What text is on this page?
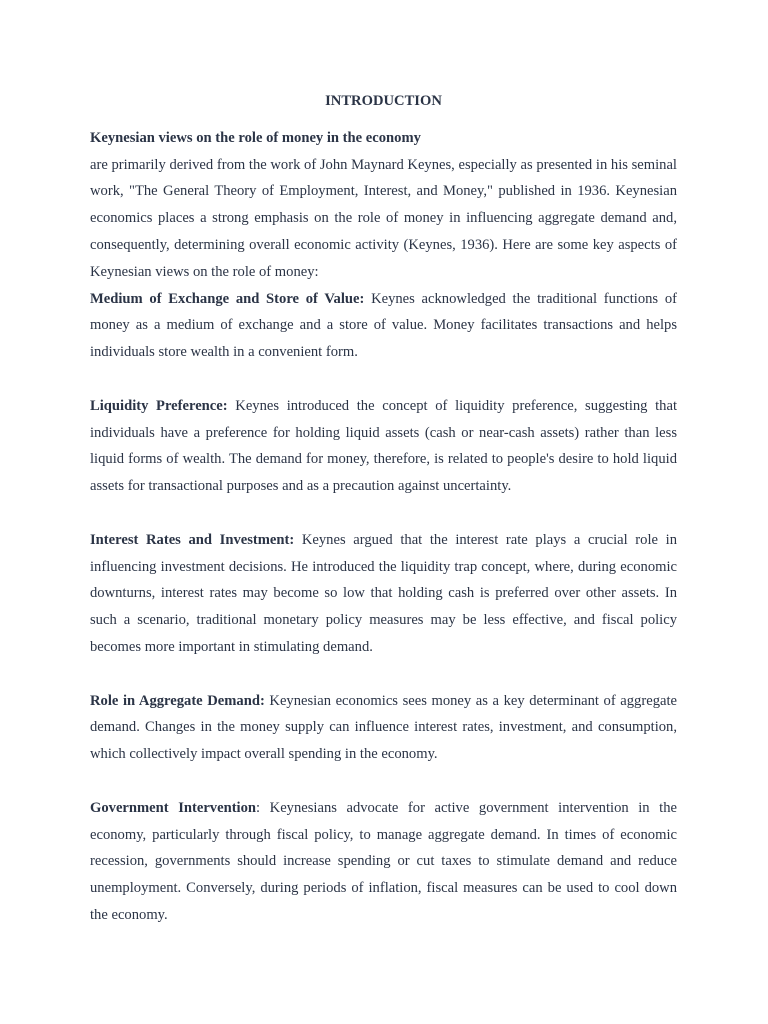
INTRODUCTION
Keynesian views on the role of money in the economy
are primarily derived from the work of John Maynard Keynes, especially as presented in his seminal work, "The General Theory of Employment, Interest, and Money," published in 1936. Keynesian economics places a strong emphasis on the role of money in influencing aggregate demand and, consequently, determining overall economic activity (Keynes, 1936). Here are some key aspects of Keynesian views on the role of money:
Medium of Exchange and Store of Value: Keynes acknowledged the traditional functions of money as a medium of exchange and a store of value. Money facilitates transactions and helps individuals store wealth in a convenient form.
Liquidity Preference: Keynes introduced the concept of liquidity preference, suggesting that individuals have a preference for holding liquid assets (cash or near-cash assets) rather than less liquid forms of wealth. The demand for money, therefore, is related to people's desire to hold liquid assets for transactional purposes and as a precaution against uncertainty.
Interest Rates and Investment: Keynes argued that the interest rate plays a crucial role in influencing investment decisions. He introduced the liquidity trap concept, where, during economic downturns, interest rates may become so low that holding cash is preferred over other assets. In such a scenario, traditional monetary policy measures may be less effective, and fiscal policy becomes more important in stimulating demand.
Role in Aggregate Demand: Keynesian economics sees money as a key determinant of aggregate demand. Changes in the money supply can influence interest rates, investment, and consumption, which collectively impact overall spending in the economy.
Government Intervention: Keynesians advocate for active government intervention in the economy, particularly through fiscal policy, to manage aggregate demand. In times of economic recession, governments should increase spending or cut taxes to stimulate demand and reduce unemployment. Conversely, during periods of inflation, fiscal measures can be used to cool down the economy.
